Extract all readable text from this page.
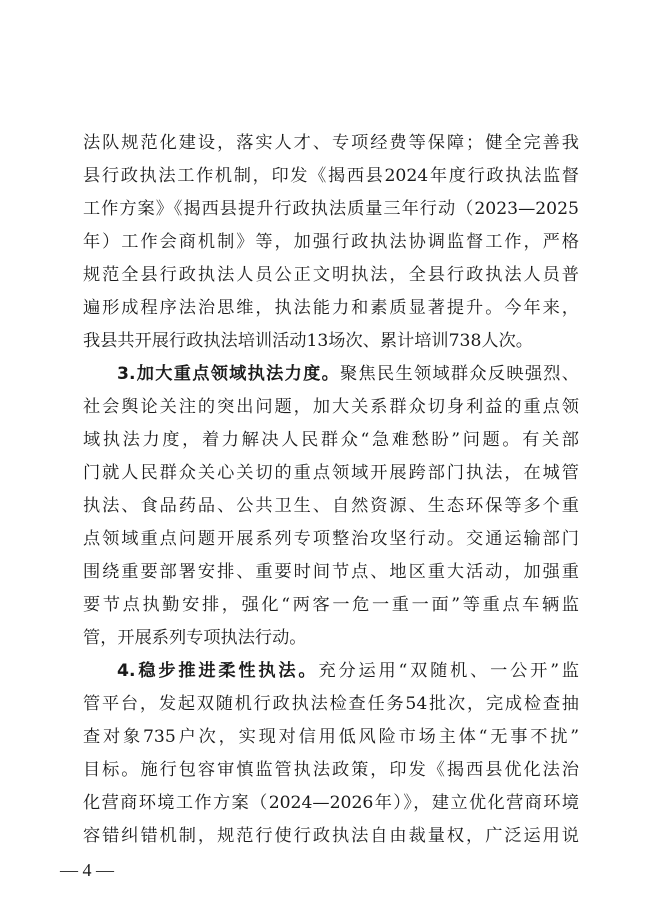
法队规范化建设，落实人才、专项经费等保障；健全完善我
县行政执法工作机制，印发《揭西县2024年度行政执法监督
工作方案》《揭西县提升行政执法质量三年行动（2023—2025
年）工作会商机制》等，加强行政执法协调监督工作，严格
规范全县行政执法人员公正文明执法，全县行政执法人员普
遍形成程序法治思维，执法能力和素质显著提升。今年来，
我县共开展行政执法培训活动13场次、累计培训738人次。
3.加大重点领域执法力度。聚焦民生领域群众反映强烈、
社会舆论关注的突出问题，加大关系群众切身利益的重点领
域执法力度，着力解决人民群众“急难愁盼”问题。有关部
门就人民群众关心关切的重点领域开展跨部门执法，在城管
执法、食品药品、公共卫生、自然资源、生态环保等多个重
点领域重点问题开展系列专项整治攻坚行动。交通运输部门
围绕重要部署安排、重要时间节点、地区重大活动，加强重
要节点执勤安排，强化“两客一危一重一面”等重点车辆监
管，开展系列专项执法行动。
4.稳步推进柔性执法。充分运用“双随机、一公开”监
管平台，发起双随机行政执法检查任务54批次，完成检查抽
查对象735户次，实现对信用低风险市场主体“无事不扰”
目标。施行包容审慎监管执法政策，印发《揭西县优化法治
化营商环境工作方案（2024—2026年）》，建立优化营商环境
容错纠错机制，规范行使行政执法自由裁量权，广泛运用说
— 4 —
